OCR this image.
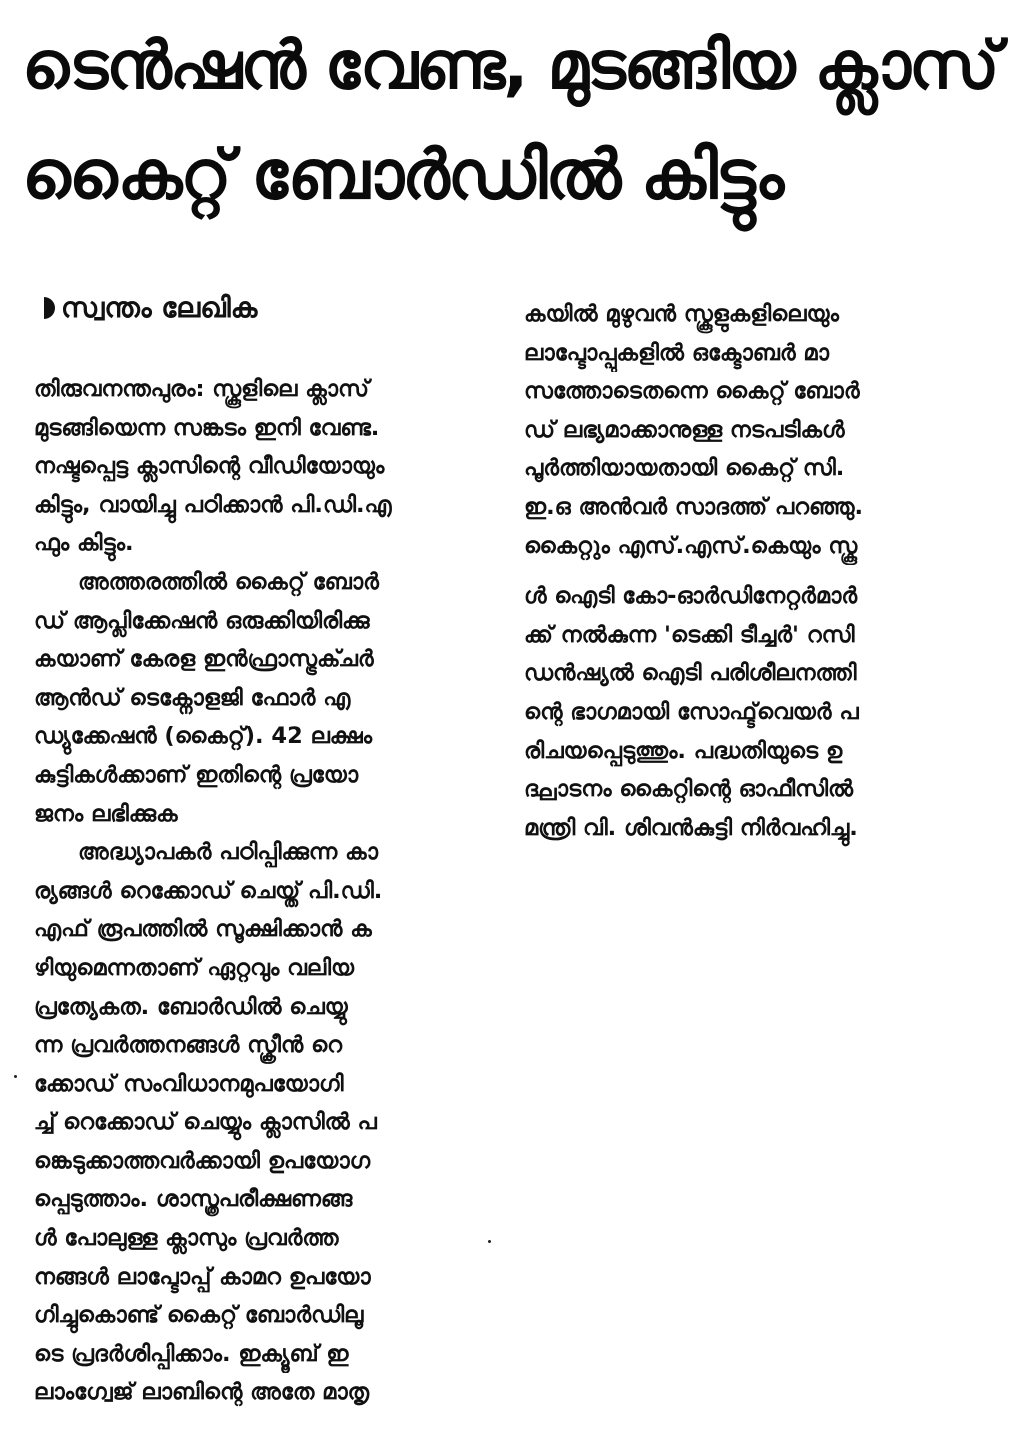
ടെൻഷൻ വേണ്ട, മുടങ്ങിയ ക്ലാസ്
കൈറ്റ് ബോർഡിൽ കിട്ടും
സ്വന്തം ലേഖിക
തിരുവനന്തപുരം: സ്കൂളിലെ ക്ലാസ്
മുടങ്ങിയെന്ന സങ്കടം ഇനി വേണ്ട.
നഷ്ടപ്പെട്ട ക്ലാസിന്റെ വീഡിയോയും
കിട്ടും, വായിച്ചു പഠിക്കാൻ പി.ഡി.എ
ഫും കിട്ടും.
അത്തരത്തിൽ കൈറ്റ് ബോർ
ഡ് ആപ്ലിക്കേഷൻ ഒരുക്കിയിരിക്കു
കയാണ് കേരള ഇൻഫ്രാസ്ട്രക്ചർ
ആൻഡ് ടെക്നോളജി ഫോർ എ
ഡ്യുക്കേഷൻ (കൈറ്റ്). 42 ലക്ഷം
കുട്ടികൾക്കാണ് ഇതിന്റെ പ്രയോ
ജനം ലഭിക്കുക
അദ്ധ്യാപകർ പഠിപ്പിക്കുന്ന കാ
ര്യങ്ങൾ റെക്കോഡ് ചെയ്ത് പി.ഡി.
എഫ് രൂപത്തിൽ സൂക്ഷിക്കാൻ ക
ഴിയുമെന്നതാണ് ഏറ്റവും വലിയ
പ്രത്യേകത. ബോർഡിൽ ചെയ്യു
ന്ന പ്രവർത്തനങ്ങൾ സ്ക്രീൻ റെ
ക്കോഡ് സംവിധാനമുപയോഗി
ച്ച് റെക്കോഡ് ചെയ്യും ക്ലാസിൽ പ
ങ്കെടുക്കാത്തവർക്കായി ഉപയോഗ
പ്പെടുത്താം. ശാസ്ത്രപരീക്ഷണങ്ങ
ൾ പോലുള്ള ക്ലാസും പ്രവർത്ത
നങ്ങൾ ലാപ്ടോപ്പ് കാമറ ഉപയോ
ഗിച്ചുകൊണ്ട് കൈറ്റ് ബോർഡിലൂ
ടെ പ്രദർശിപ്പിക്കാം. ഇക്യൂബ് ഇ
ലാംഗ്വേജ് ലാബിന്റെ അതേ മാതൃ
കയിൽ മുഴുവൻ സ്കൂളുകളിലെയും
ലാപ്ടോപ്പുകളിൽ ഒക്ടോബർ മാ
സത്തോടെതന്നെ കൈറ്റ് ബോർ
ഡ് ലഭ്യമാക്കാനുള്ള നടപടികൾ
പൂർത്തിയായതായി കൈറ്റ് സി.
ഇ.ഒ അൻവർ സാദത്ത് പറഞ്ഞു.
കൈറ്റും എസ്.എസ്.കെയും സ്കൂ
ൾ ഐടി കോ-ഓർഡിനേറ്റർമാർ
ക്ക് നൽകുന്ന 'ടെക്കി ടീച്ചർ' റസി
ഡൻഷ്യൽ ഐടി പരിശീലനത്തി
ന്റെ ഭാഗമായി സോഫ്ട്‌വെയർ പ
രിചയപ്പെടുത്തും. പദ്ധതിയുടെ ഉ
ദ്ഘാടനം കൈറ്റിന്റെ ഓഫീസിൽ
മന്ത്രി വി. ശിവൻകുട്ടി നിർവഹിച്ചു.
